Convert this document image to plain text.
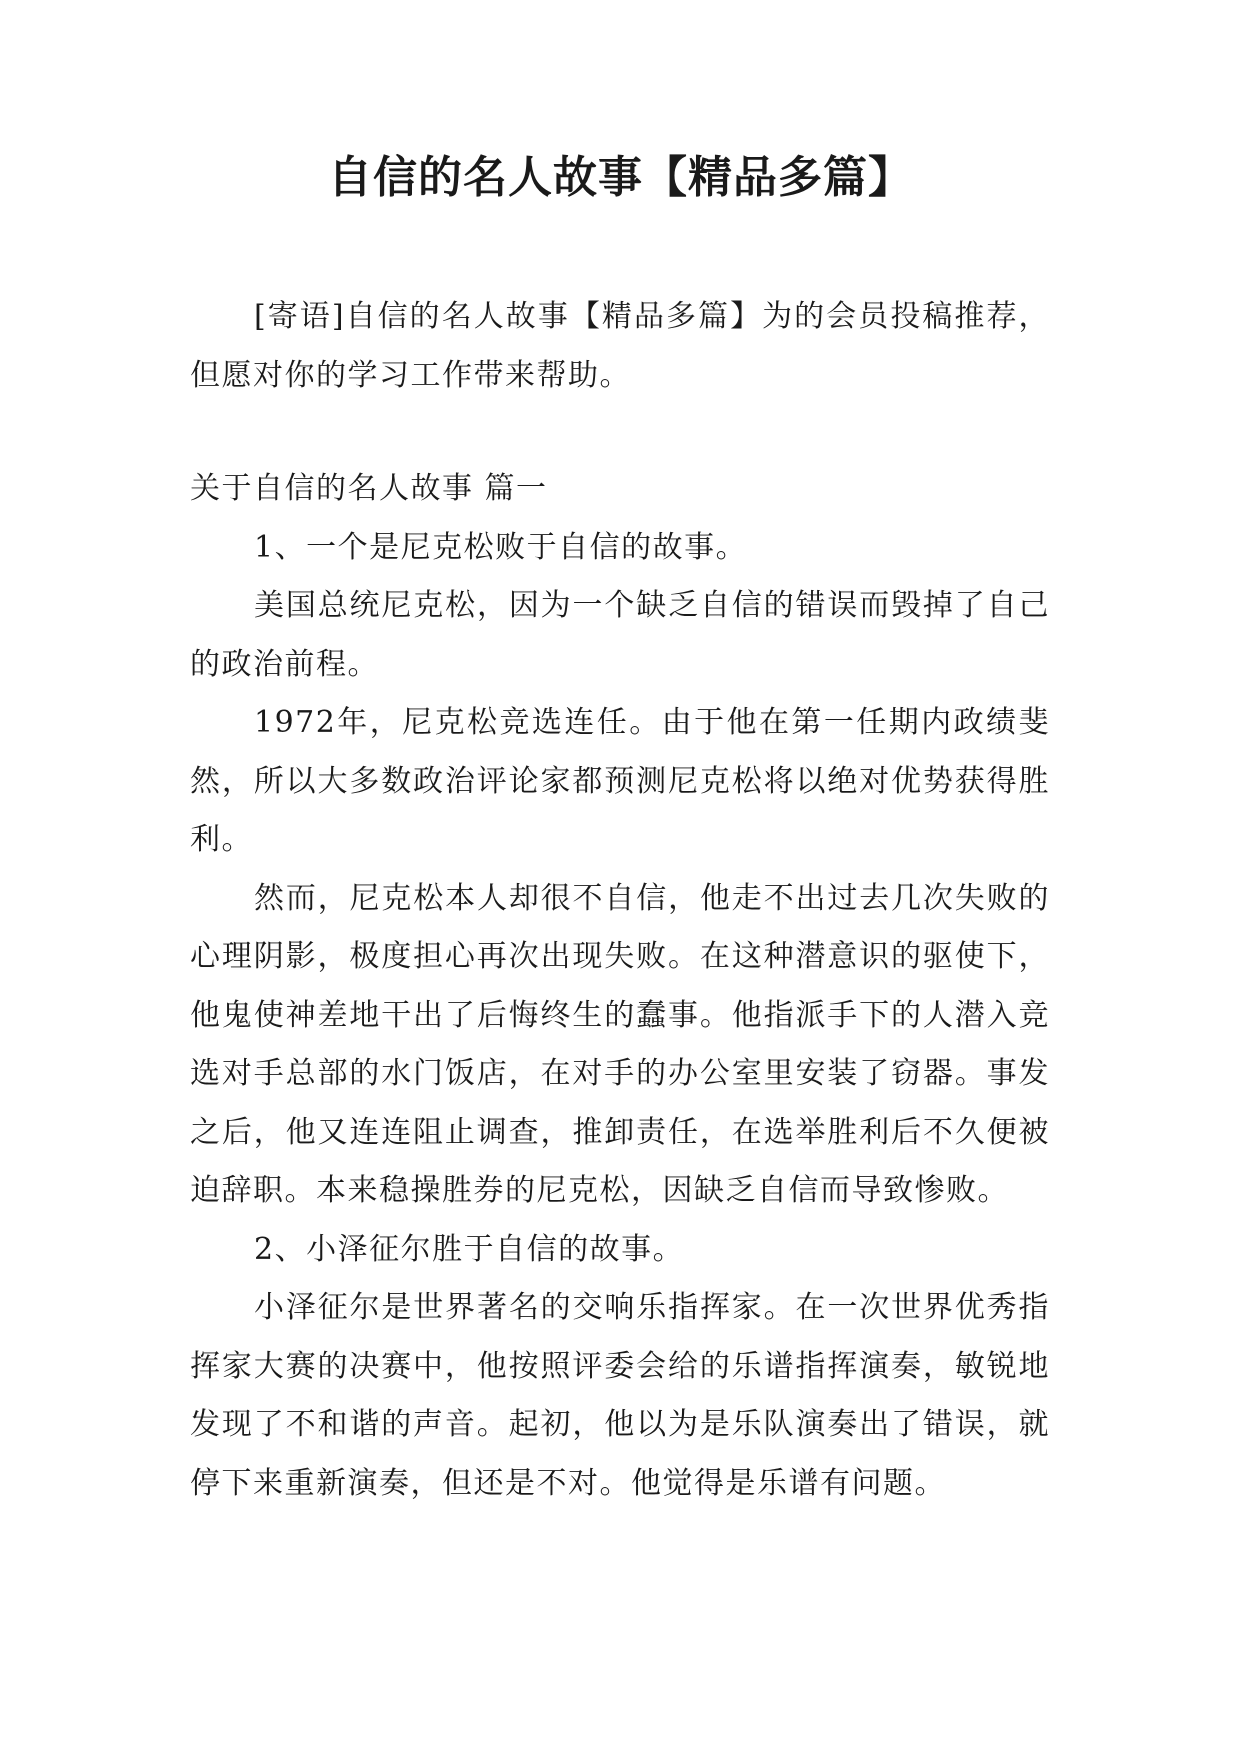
自信的名人故事【精品多篇】

[寄语]自信的名人故事【精品多篇】为的会员投稿推荐，但愿对你的学习工作带来帮助。

关于自信的名人故事 篇一

1、一个是尼克松败于自信的故事。

美国总统尼克松，因为一个缺乏自信的错误而毁掉了自己的政治前程。

1972年，尼克松竞选连任。由于他在第一任期内政绩斐然，所以大多数政治评论家都预测尼克松将以绝对优势获得胜利。

然而，尼克松本人却很不自信，他走不出过去几次失败的心理阴影，极度担心再次出现失败。在这种潜意识的驱使下，他鬼使神差地干出了后悔终生的蠢事。他指派手下的人潜入竞选对手总部的水门饭店，在对手的办公室里安装了窃器。事发之后，他又连连阻止调查，推卸责任，在选举胜利后不久便被迫辞职。本来稳操胜券的尼克松，因缺乏自信而导致惨败。

2、小泽征尔胜于自信的故事。

小泽征尔是世界著名的交响乐指挥家。在一次世界优秀指挥家大赛的决赛中，他按照评委会给的乐谱指挥演奏，敏锐地发现了不和谐的声音。起初，他以为是乐队演奏出了错误，就停下来重新演奏，但还是不对。他觉得是乐谱有问题。
